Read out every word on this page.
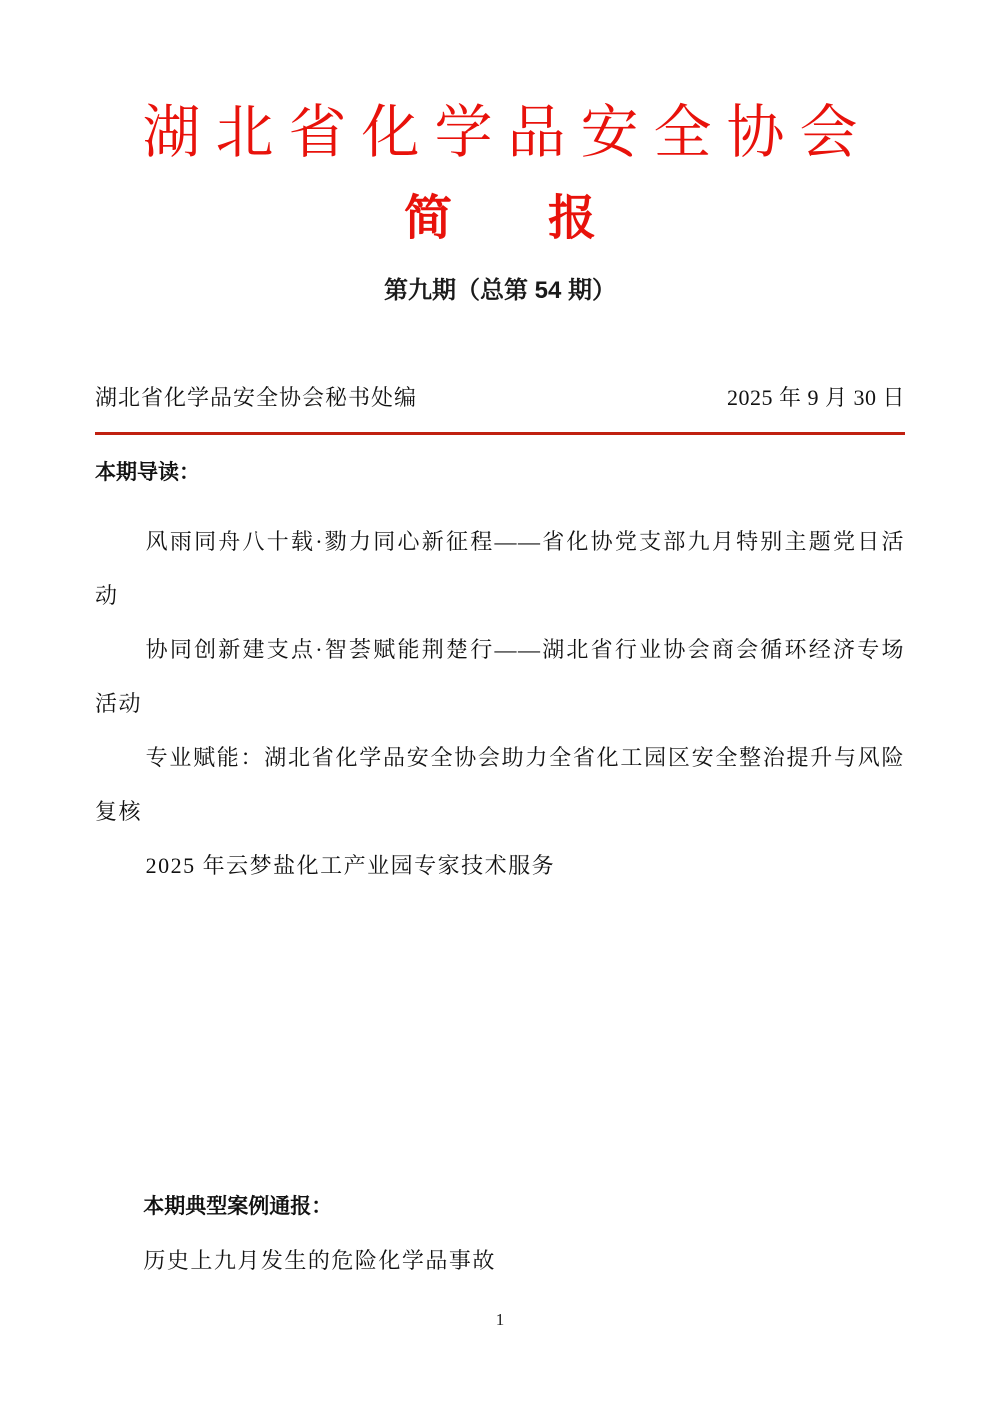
湖北省化学品安全协会
简　　报
第九期（总第 54 期）
湖北省化学品安全协会秘书处编	2025 年 9 月 30 日
本期导读：

风雨同舟八十载·勠力同心新征程——省化协党支部九月特别主题党日活动

协同创新建支点·智荟赋能荆楚行——湖北省行业协会商会循环经济专场活动

专业赋能：湖北省化学品安全协会助力全省化工园区安全整治提升与风险复核

2025 年云梦盐化工产业园专家技术服务

本期典型案例通报：

历史上九月发生的危险化学品事故

1
